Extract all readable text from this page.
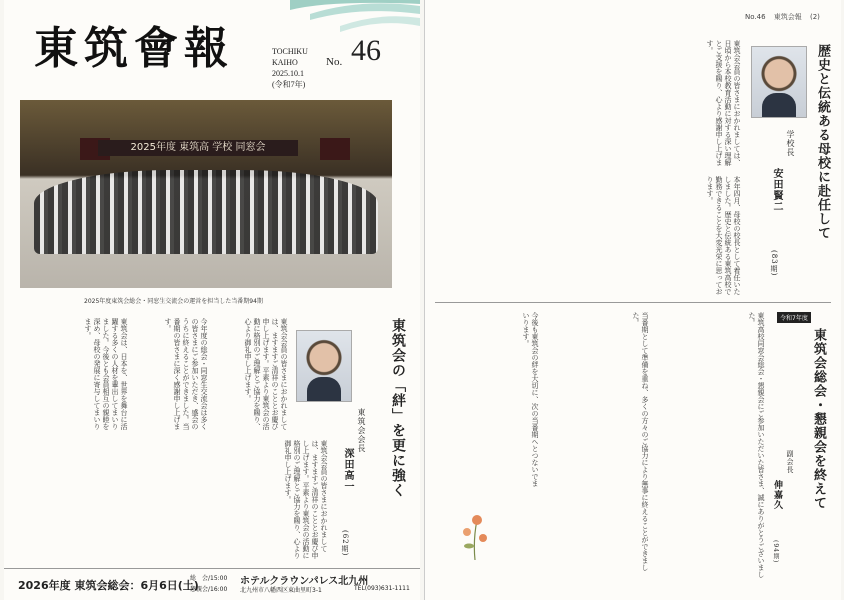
東筑會報	TOCHIKU KAIHO	No. 46
2025.10.1
(令和7年)
2025年度 東筑高 学校 同窓会
2025年度東筑会総会・同窓生交流会の運営を担当した当番期94期
東筑会の「絆」を更に強く
東筑会会長
深田高一
(62期)
東筑会会員の皆さまにおかれましては、ますますご清祥のこととお慶び申し上げます。平素より東筑会の活動に格別のご理解とご協力を賜り、心より御礼申し上げます。
今年度の総会・同窓生交流会は多くの皆さまにご参加いただき、盛会のうちに終えることができました。当番期の皆さまに深く感謝申し上げます。
東筑会は、日本を、世界を舞台に活躍する多くの人材を輩出してまいりました。今後とも会員相互の親睦を深め、母校の発展に寄与してまいります。
東筑会会員の皆さまにおかれましては、ますますご清祥のこととお慶び申し上げます。平素より東筑会の活動に格別のご理解とご協力を賜り、心より御礼申し上げます。
2026年度 東筑会総会：6月6日(土)
総　会/15:00
懇親会/16:00
ホテルクラウンパレス北九州
北九州市八幡西区東曲里町3-1	TEL(093)631-1111
No.46 東筑会報 (2)
歴史と伝統ある母校に赴任して
学校長
安田賢二
(83期)
東筑会会員の皆さまにおかれましては、日頃から本校教育活動に対する深い理解とご支援を賜り、心より感謝申し上げます。
本年四月、母校の校長として着任いたしました。歴史と伝統ある東筑高校で勤務できることを大変光栄に思っております。
令和7年度
東筑会総会・懇親会を終えて
副会長
伸嘉久
(94期)
東筑高校同窓会総会・懇親会にご参加いただいた皆さま、誠にありがとうございました。
当番期として準備を重ね、多くの方々のご協力により無事に終えることができました。
今後も東筑会の絆を大切に、次の当番期へとつないでまいります。
